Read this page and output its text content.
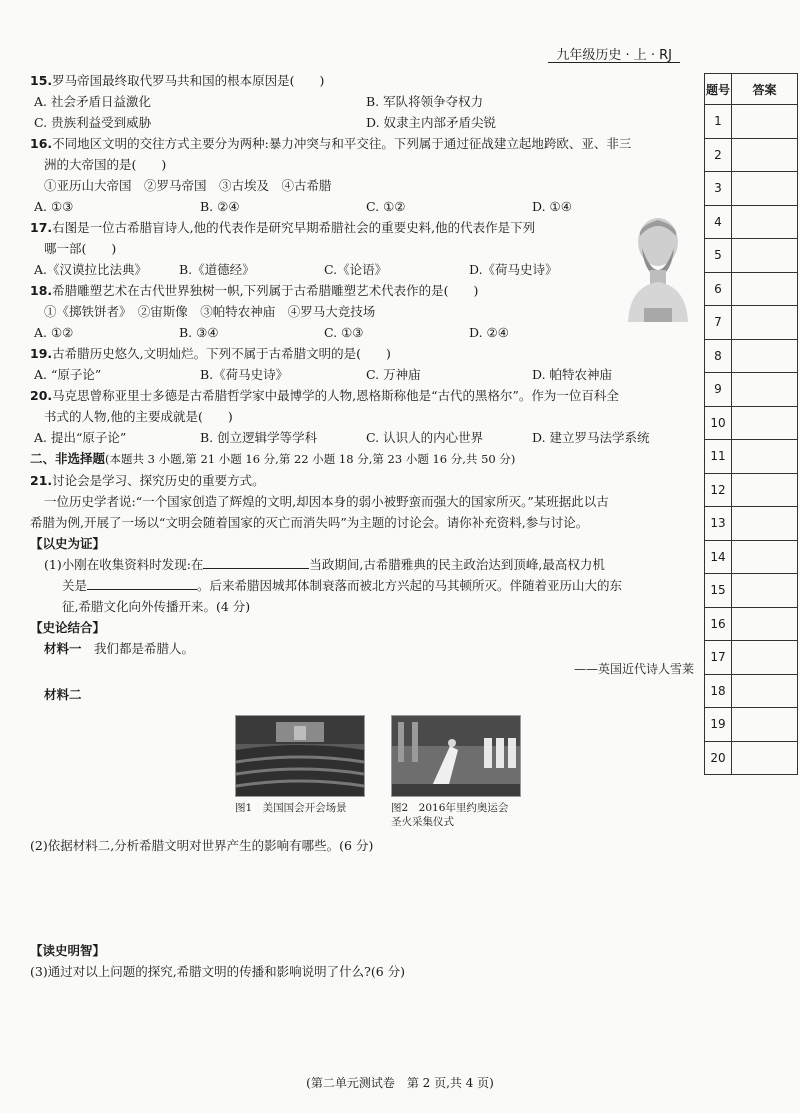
九年级历史 · 上 · RJ

15.罗马帝国最终取代罗马共和国的根本原因是(　　)

A. 社会矛盾日益激化	B. 军队将领争夺权力
C. 贵族利益受到威胁	D. 奴隶主内部矛盾尖锐

16.不同地区文明的交往方式主要分为两种:暴力冲突与和平交往。下列属于通过征战建立起地跨欧、亚、非三

洲的大帝国的是(　　)

①亚历山大帝国　②罗马帝国　③古埃及　④古希腊

A. ①③	B. ②④	C. ①②	D. ①④

17.右图是一位古希腊盲诗人,他的代表作是研究早期希腊社会的重要史料,他的代表作是下列

哪一部(　　)

A.《汉谟拉比法典》	B.《道德经》	C.《论语》	D.《荷马史诗》

18.希腊雕塑艺术在古代世界独树一帜,下列属于古希腊雕塑艺术代表作的是(　　)

①《掷铁饼者》　②宙斯像　③帕特农神庙　④罗马大竞技场

A. ①②	B. ③④	C. ①③	D. ②④

19.古希腊历史悠久,文明灿烂。下列不属于古希腊文明的是(　　)

A. “原子论”	B.《荷马史诗》	C. 万神庙	D. 帕特农神庙

20.马克思曾称亚里士多德是古希腊哲学家中最博学的人物,恩格斯称他是“古代的黑格尔”。作为一位百科全

书式的人物,他的主要成就是(　　)

A. 提出“原子论”	B. 创立逻辑学等学科	C. 认识人的内心世界	D. 建立罗马法学系统

二、非选择题(本题共 3 小题,第 21 小题 16 分,第 22 小题 18 分,第 23 小题 16 分,共 50 分)

21.讨论会是学习、探究历史的重要方式。

一位历史学者说:“一个国家创造了辉煌的文明,却因本身的弱小被野蛮而强大的国家所灭。”某班据此以古

希腊为例,开展了一场以“文明会随着国家的灭亡而消失吗”为主题的讨论会。请你补充资料,参与讨论。

【以史为证】

(1)小刚在收集资料时发现:在	当政期间,古希腊雅典的民主政治达到顶峰,最高权力机

关是	。后来希腊因城邦体制衰落而被北方兴起的马其顿所灭。伴随着亚历山大的东

征,希腊文化向外传播开来。(4 分)

【史论结合】

材料一　 我们都是希腊人。

——英国近代诗人雪莱

材料二

图1　美国国会开会场景	图2　2016年里约奥运会
圣火采集仪式

(2)依据材料二,分析希腊文明对世界产生的影响有哪些。(6 分)

【读史明智】

(3)通过对以上问题的探究,希腊文明的传播和影响说明了什么?(6 分)

题号	答案
1	
2	
3	
4	
5	
6	
7	
8	
9	
10	
11	
12	
13	
14	
15	
16	
17	
18	
19	
20	
(第二单元测试卷　第 2 页,共 4 页)
